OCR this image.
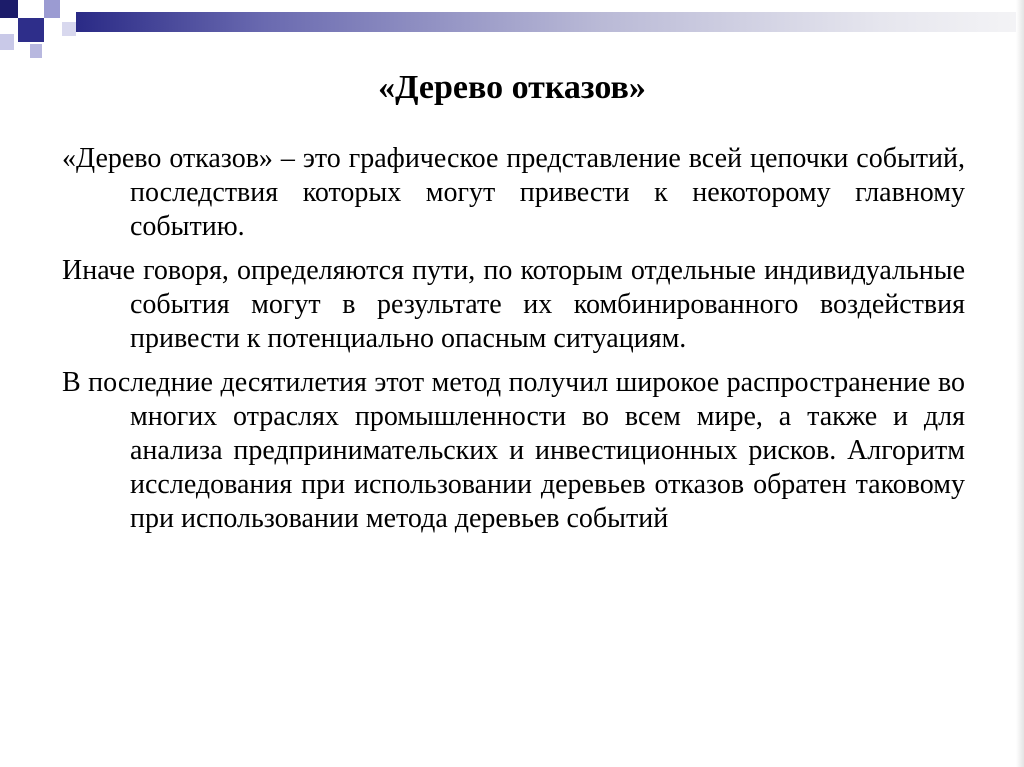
«Дерево отказов»

«Дерево отказов» – это графическое представление всей цепочки событий, последствия которых могут привести к некоторому главному событию.

Иначе говоря, определяются пути, по которым отдельные индивидуальные события могут в результате их комбинированного воздействия привести к потенциально опасным ситуациям.

В последние десятилетия этот метод получил широкое распространение во многих отраслях промышленности во всем мире, а также и для анализа предпринимательских и инвестиционных рисков. Алгоритм исследования при использовании деревьев отказов обратен таковому при использовании метода деревьев событий
